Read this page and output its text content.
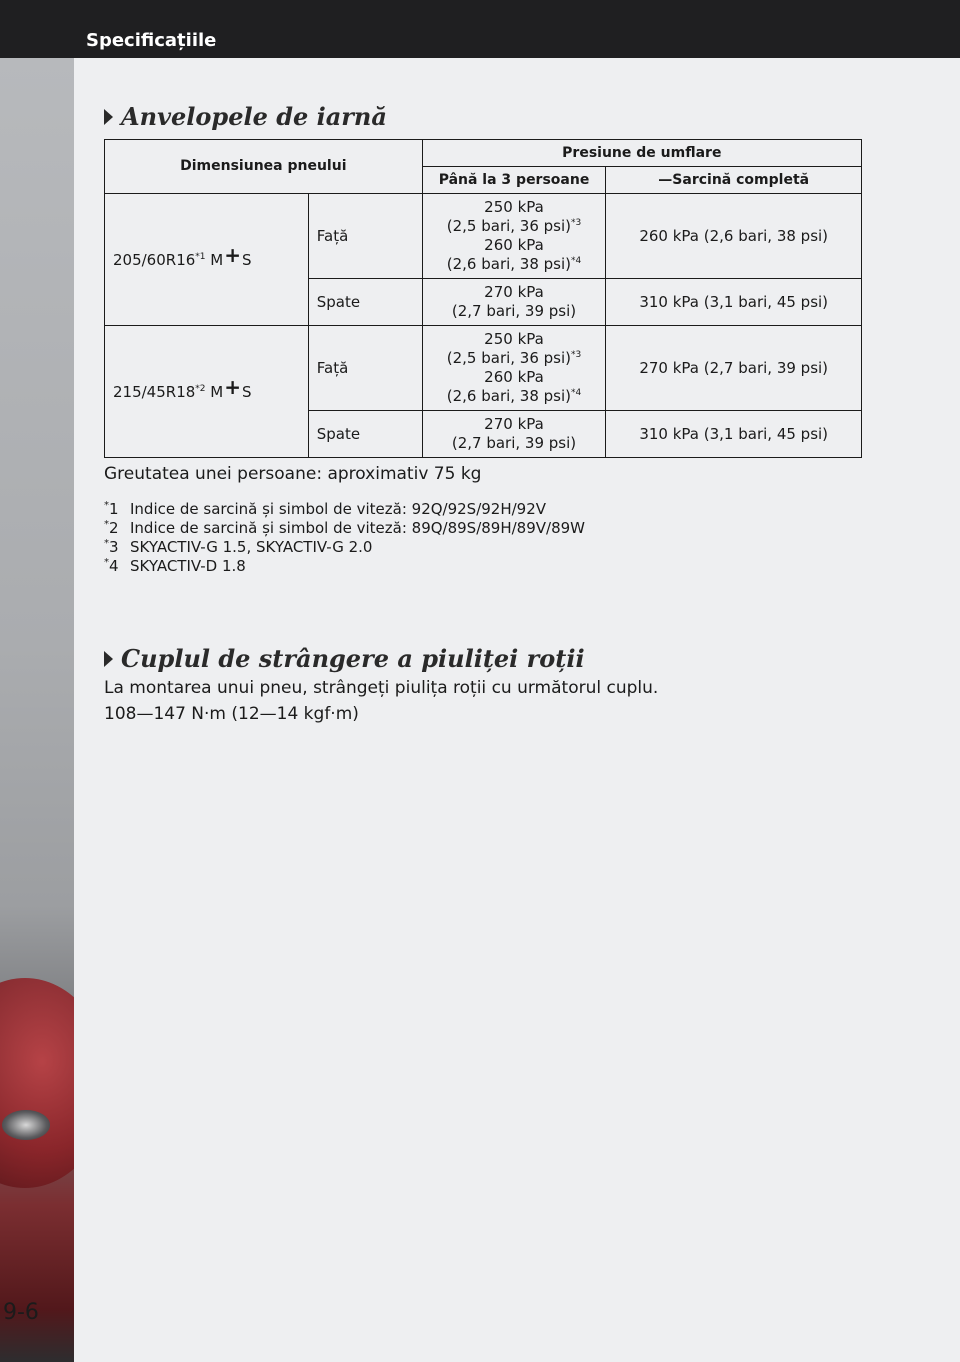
Specificațiile
9-6
Anvelopele de iarnă
Dimensiunea pneului		Presiune de umflare	
		Până la 3 persoane	—Sarcină completă
205/60R16$^{*1}$ M+S	Față	250 kPa
(2,5 bari, 36 psi)$^{*3}$
260 kPa
(2,6 bari, 38 psi)$^{*4}$	260 kPa (2,6 bari, 38 psi)
	Spate	270 kPa
(2,7 bari, 39 psi)	310 kPa (3,1 bari, 45 psi)
215/45R18$^{*2}$ M+S	Față	250 kPa
(2,5 bari, 36 psi)$^{*3}$
260 kPa
(2,6 bari, 38 psi)$^{*4}$	270 kPa (2,7 bari, 39 psi)
	Spate	270 kPa
(2,7 bari, 39 psi)	310 kPa (3,1 bari, 45 psi)
Greutatea unei persoane: aproximativ 75 kg
*1 Indice de sarcină și simbol de viteză: 92Q/92S/92H/92V
*2 Indice de sarcină și simbol de viteză: 89Q/89S/89H/89V/89W
*3 SKYACTIV-G 1.5, SKYACTIV-G 2.0
*4 SKYACTIV-D 1.8
Cuplul de strângere a piuliței roții
La montarea unui pneu, strângeți piulița roții cu următorul cuplu.
108—147 N·m (12—14 kgf·m)
